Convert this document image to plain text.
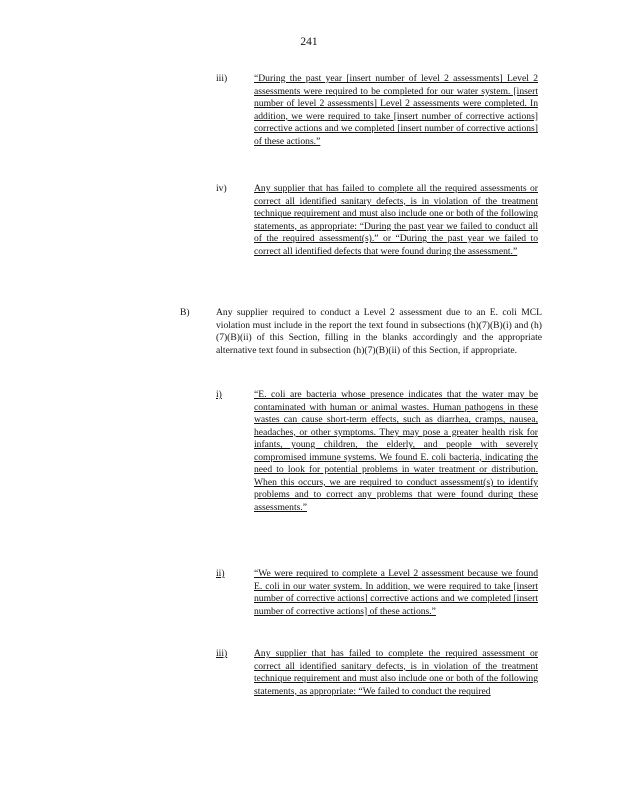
241
iii)	“During the past year [insert number of level 2 assessments] Level 2 assessments were required to be completed for our water system. [insert number of level 2 assessments] Level 2 assessments were completed. In addition, we were required to take [insert number of corrective actions] corrective actions and we completed [insert number of corrective actions] of these actions.”
iv)	Any supplier that has failed to complete all the required assessments or correct all identified sanitary defects, is in violation of the treatment technique requirement and must also include one or both of the following statements, as appropriate: “During the past year we failed to conduct all of the required assessment(s).” or “During the past year we failed to correct all identified defects that were found during the assessment.”
B)	Any supplier required to conduct a Level 2 assessment due to an E. coli MCL violation must include in the report the text found in subsections (h)(7)(B)(i) and (h)(7)(B)(ii) of this Section, filling in the blanks accordingly and the appropriate alternative text found in subsection (h)(7)(B)(ii) of this Section, if appropriate.
i)	“E. coli are bacteria whose presence indicates that the water may be contaminated with human or animal wastes. Human pathogens in these wastes can cause short-term effects, such as diarrhea, cramps, nausea, headaches, or other symptoms. They may pose a greater health risk for infants, young children, the elderly, and people with severely compromised immune systems. We found E. coli bacteria, indicating the need to look for potential problems in water treatment or distribution. When this occurs, we are required to conduct assessment(s) to identify problems and to correct any problems that were found during these assessments.”
ii)	“We were required to complete a Level 2 assessment because we found E. coli in our water system. In addition, we were required to take [insert number of corrective actions] corrective actions and we completed [insert number of corrective actions] of these actions.”
iii)	Any supplier that has failed to complete the required assessment or correct all identified sanitary defects, is in violation of the treatment technique requirement and must also include one or both of the following statements, as appropriate: “We failed to conduct the required
